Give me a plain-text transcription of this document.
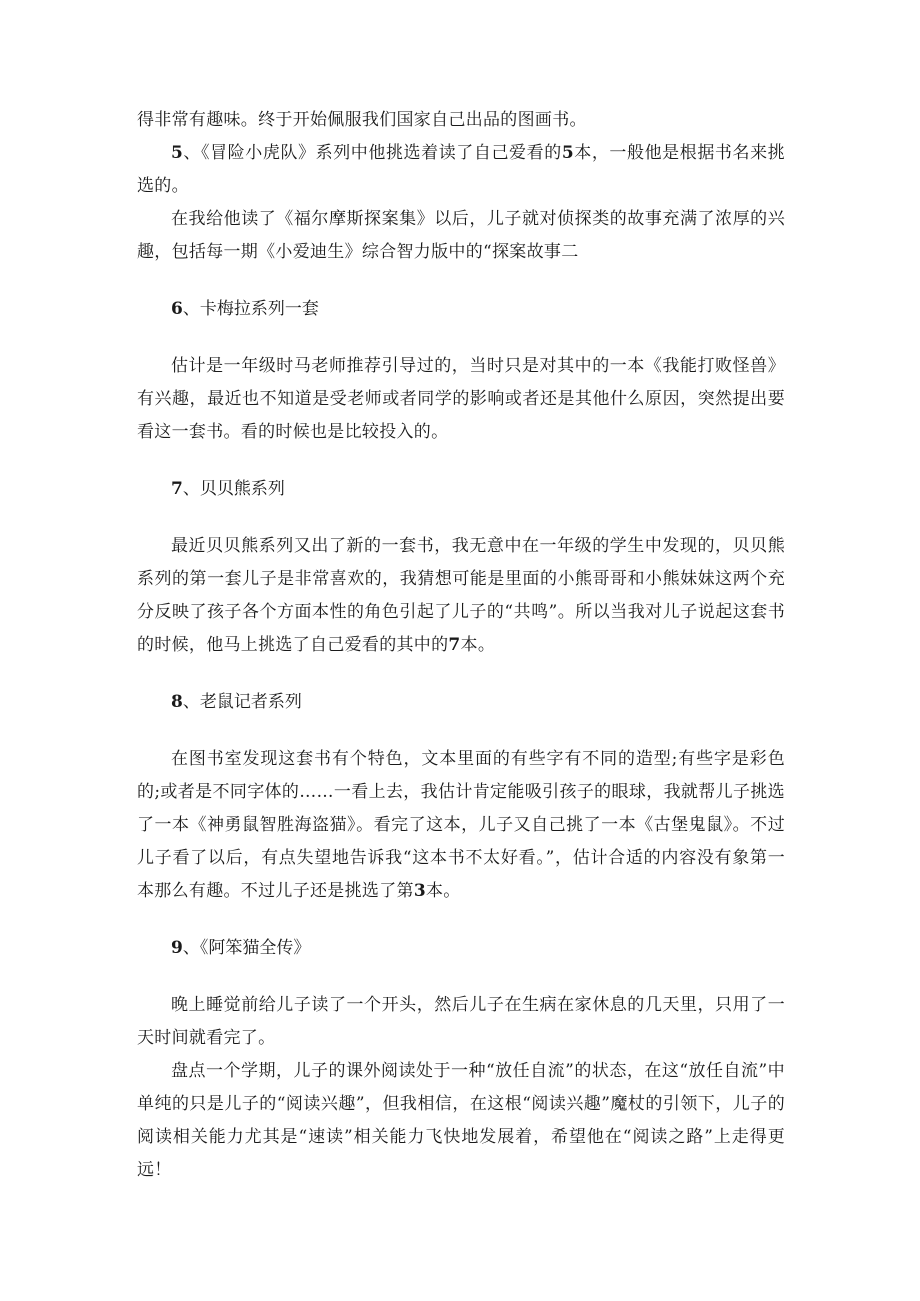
得非常有趣味。终于开始佩服我们国家自己出品的图画书。

5、《冒险小虎队》系列中他挑选着读了自己爱看的5本，一般他是根据书名来挑选的。

在我给他读了《福尔摩斯探案集》以后，儿子就对侦探类的故事充满了浓厚的兴趣，包括每一期《小爱迪生》综合智力版中的“探案故事二

6、卡梅拉系列一套

估计是一年级时马老师推荐引导过的，当时只是对其中的一本《我能打败怪兽》有兴趣，最近也不知道是受老师或者同学的影响或者还是其他什么原因，突然提出要看这一套书。看的时候也是比较投入的。

7、贝贝熊系列

最近贝贝熊系列又出了新的一套书，我无意中在一年级的学生中发现的，贝贝熊系列的第一套儿子是非常喜欢的，我猜想可能是里面的小熊哥哥和小熊妹妹这两个充分反映了孩子各个方面本性的角色引起了儿子的“共鸣”。所以当我对儿子说起这套书的时候，他马上挑选了自己爱看的其中的7本。

8、老鼠记者系列

在图书室发现这套书有个特色，文本里面的有些字有不同的造型;有些字是彩色的;或者是不同字体的……一看上去，我估计肯定能吸引孩子的眼球，我就帮儿子挑选了一本《神勇鼠智胜海盗猫》。看完了这本，儿子又自己挑了一本《古堡鬼鼠》。不过儿子看了以后，有点失望地告诉我“这本书不太好看。”，估计合适的内容没有象第一本那么有趣。不过儿子还是挑选了第3本。

9、《阿笨猫全传》

晚上睡觉前给儿子读了一个开头，然后儿子在生病在家休息的几天里，只用了一天时间就看完了。

盘点一个学期，儿子的课外阅读处于一种“放任自流”的状态，在这“放任自流”中单纯的只是儿子的“阅读兴趣”，但我相信，在这根“阅读兴趣”魔杖的引领下，儿子的阅读相关能力尤其是“速读”相关能力飞快地发展着，希望他在“阅读之路”上走得更远！
